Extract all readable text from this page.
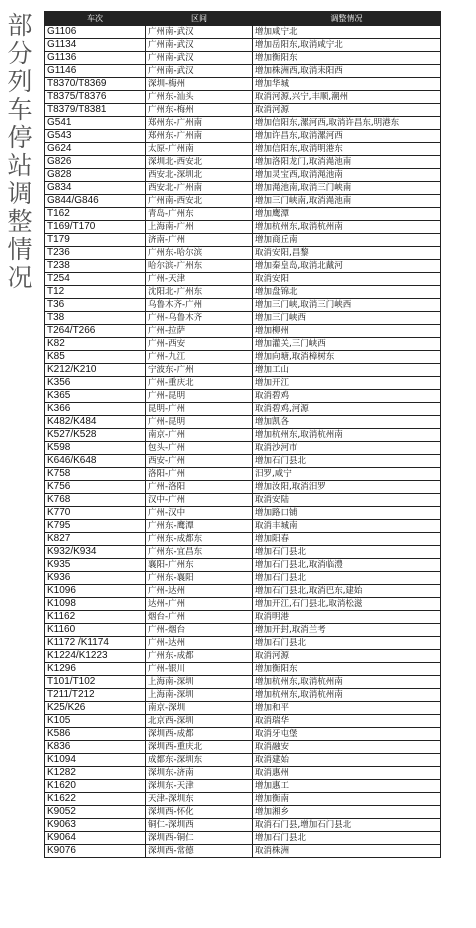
部
分
列
车
停
站
调
整
情
况
车次	区间	调整情况
G1106	广州南-武汉	增加咸宁北
G1134	广州南-武汉	增加岳阳东,取消咸宁北
G1136	广州南-武汉	增加衡阳东
G1146	广州南-武汉	增加株洲西,取消耒阳西
T8370/T8369	深圳-梅州	增加华城
T8375/T8376	广州东-汕头	取消河源,兴宁,丰顺,潮州
T8379/T8381	广州东-梅州	取消河源
G541	郑州东-广州南	增加信阳东,漯河西,取消许昌东,明港东
G543	郑州东-广州南	增加许昌东,取消漯河西
G624	太原-广州南	增加信阳东,取消明港东
G826	深圳北-西安北	增加洛阳龙门,取消渑池南
G828	西安北-深圳北	增加灵宝西,取消渑池南
G834	西安北-广州南	增加渑池南,取消三门峡南
G844/G846	广州南-西安北	增加三门峡南,取消渑池南
T162	青岛-广州东	增加鹰潭
T169/T170	上海南-广州	增加杭州东,取消杭州南
T179	济南-广州	增加商丘南
T236	广州东-哈尔滨	取消安阳,昌黎
T238	哈尔滨-广州东	增加秦皇岛,取消北戴河
T254	广州-天津	取消安阳
T12	沈阳北-广州东	增加盘锦北
T36	乌鲁木齐-广州	增加三门峡,取消三门峡西
T38	广州-乌鲁木齐	增加三门峡西
T264/T266	广州-拉萨	增加柳州
K82	广州-西安	增加灌关,三门峡西
K85	广州-九江	增加向塘,取消樟树东
K212/K210	宁波东-广州	增加工山
K356	广州-重庆北	增加开江
K365	广州-昆明	取消碧鸡
K366	昆明-广州	取消碧鸡,河源
K482/K484	广州-昆明	增加凯各
K527/K528	南京-广州	增加杭州东,取消杭州南
K598	包头-广州	取消沙河市
K646/K648	西安-广州	增加石门县北
K758	洛阳-广州	汨罗,咸宁
K756	广州-洛阳	增加汝阳,取消汨罗
K768	汉中-广州	取消安陆
K770	广州-汉中	增加路口铺
K795	广州东-鹰潭	取消丰城南
K827	广州东-成都东	增加阳春
K932/K934	广州东-宜昌东	增加石门县北
K935	襄阳-广州东	增加石门县北,取消临澧
K936	广州东-襄阳	增加石门县北
K1096	广州-达州	增加石门县北,取消巴东,建始
K1098	达州-广州	增加开江,石门县北,取消松滋
K1162	烟台-广州	取消明港
K1160	广州-烟台	增加开封,取消兰考
K1172 /K1174	广州-达州	增加石门县北
K1224/K1223	广州东-成都	取消河源
K1296	广州-银川	增加衡阳东
T101/T102	上海南-深圳	增加杭州东,取消杭州南
T211/T212	上海南-深圳	增加杭州东,取消杭州南
K25/K26	南京-深圳	增加和平
K105	北京西-深圳	取消瑞华
K586	深圳西-成都	取消牙屯堡
K836	深圳西-重庆北	取消融安
K1094	成都东-深圳东	取消建始
K1282	深圳东-济南	取消惠州
K1620	深圳东-天津	增加惠工
K1622	天津-深圳东	增加衡南
K9052	深圳西-怀化	增加湘乡
K9063	铜仁-深圳西	取消石门县,增加石门县北
K9064	深圳西-铜仁	增加石门县北
K9076	深圳西-常德	取消株洲
